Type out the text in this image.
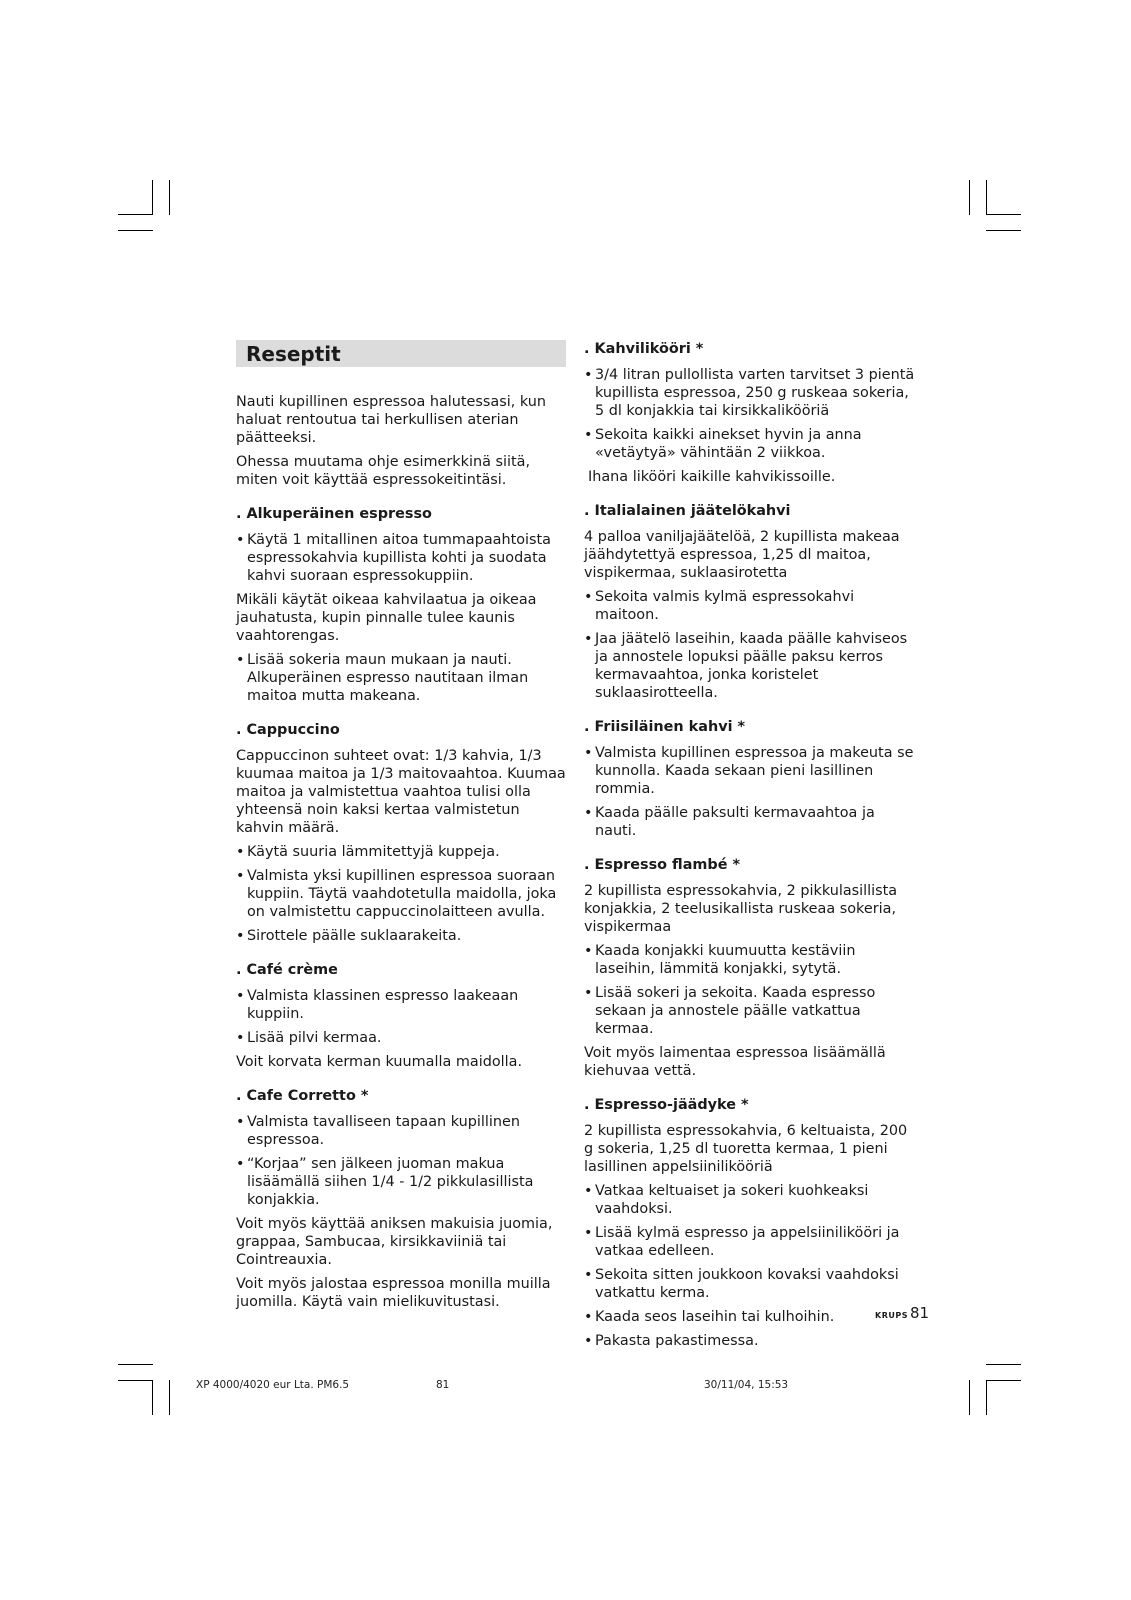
Reseptit
Nauti kupillinen espressoa halutessasi, kun haluat rentoutua tai herkullisen aterian päätteeksi.
Ohessa muutama ohje esimerkkinä siitä, miten voit käyttää espressokeitintäsi.
. Alkuperäinen espresso
• Käytä 1 mitallinen aitoa tummapaahtoista espressokahvia kupillista kohti ja suodata kahvi suoraan espressokuppiin.
Mikäli käytät oikeaa kahvilaatua ja oikeaa jauhatusta, kupin pinnalle tulee kaunis vaahtorengas.
• Lisää sokeria maun mukaan ja nauti. Alkuperäinen espresso nautitaan ilman maitoa mutta makeana.
. Cappuccino
Cappuccinon suhteet ovat: 1/3 kahvia, 1/3 kuumaa maitoa ja 1/3 maitovaahtoa. Kuumaa maitoa ja valmistettua vaahtoa tulisi olla yhteensä noin kaksi kertaa valmistetun kahvin määrä.
• Käytä suuria lämmitettyjä kuppeja.
• Valmista yksi kupillinen espressoa suoraan kuppiin. Täytä vaahdotetulla maidolla, joka on valmistettu cappuccinolaitteen avulla.
• Sirottele päälle suklaarakeita.
. Café crème
• Valmista klassinen espresso laakeaan kuppiin.
• Lisää pilvi kermaa.
Voit korvata kerman kuumalla maidolla.
. Cafe Corretto *
• Valmista tavalliseen tapaan kupillinen espressoa.
• “Korjaa” sen jälkeen juoman makua lisäämällä siihen 1/4 - 1/2 pikkulasillista konjakkia.
Voit myös käyttää aniksen makuisia juomia, grappaa, Sambucaa, kirsikkaviiniä tai Cointreauxia.
Voit myös jalostaa espressoa monilla muilla juomilla. Käytä vain mielikuvitustasi.
. Kahvilikööri *
• 3/4 litran pullollista varten tarvitset 3 pientä kupillista espressoa, 250 g ruskeaa sokeria, 5 dl konjakkia tai kirsikkalikööriä
• Sekoita kaikki ainekset hyvin ja anna «vetäytyä» vähintään 2 viikkoa.
Ihana likööri kaikille kahvikissoille.
. Italialainen jäätelökahvi
4 palloa vaniljajäätelöä, 2 kupillista makeaa jäähdytettyä espressoa, 1,25 dl maitoa, vispikermaa, suklaasirotetta
• Sekoita valmis kylmä espressokahvi maitoon.
• Jaa jäätelö laseihin, kaada päälle kahviseos ja annostele lopuksi päälle paksu kerros kermavaahtoa, jonka koristelet suklaasirotteella.
. Friisiläinen kahvi *
• Valmista kupillinen espressoa ja makeuta se kunnolla. Kaada sekaan pieni lasillinen rommia.
• Kaada päälle paksulti kermavaahtoa ja nauti.
. Espresso flambé *
2 kupillista espressokahvia, 2 pikkulasillista konjakkia, 2 teelusikallista ruskeaa sokeria, vispikermaa
• Kaada konjakki kuumuutta kestäviin laseihin, lämmitä konjakki, sytytä.
• Lisää sokeri ja sekoita. Kaada espresso sekaan ja annostele päälle vatkattua kermaa.
Voit myös laimentaa espressoa lisäämällä kiehuvaa vettä.
. Espresso-jäädyke *
2 kupillista espressokahvia, 6 keltuaista, 200 g sokeria, 1,25 dl tuoretta kermaa, 1 pieni lasillinen appelsiinilikööriä
• Vatkaa keltuaiset ja sokeri kuohkeaksi vaahdoksi.
• Lisää kylmä espresso ja appelsiinilikööri ja vatkaa edelleen.
• Sekoita sitten joukkoon kovaksi vaahdoksi vatkattu kerma.
• Kaada seos laseihin tai kulhoihin.
• Pakasta pakastimessa.
KRUPS 81
XP 4000/4020 eur Lta. PM6.5	81	30/11/04, 15:53
